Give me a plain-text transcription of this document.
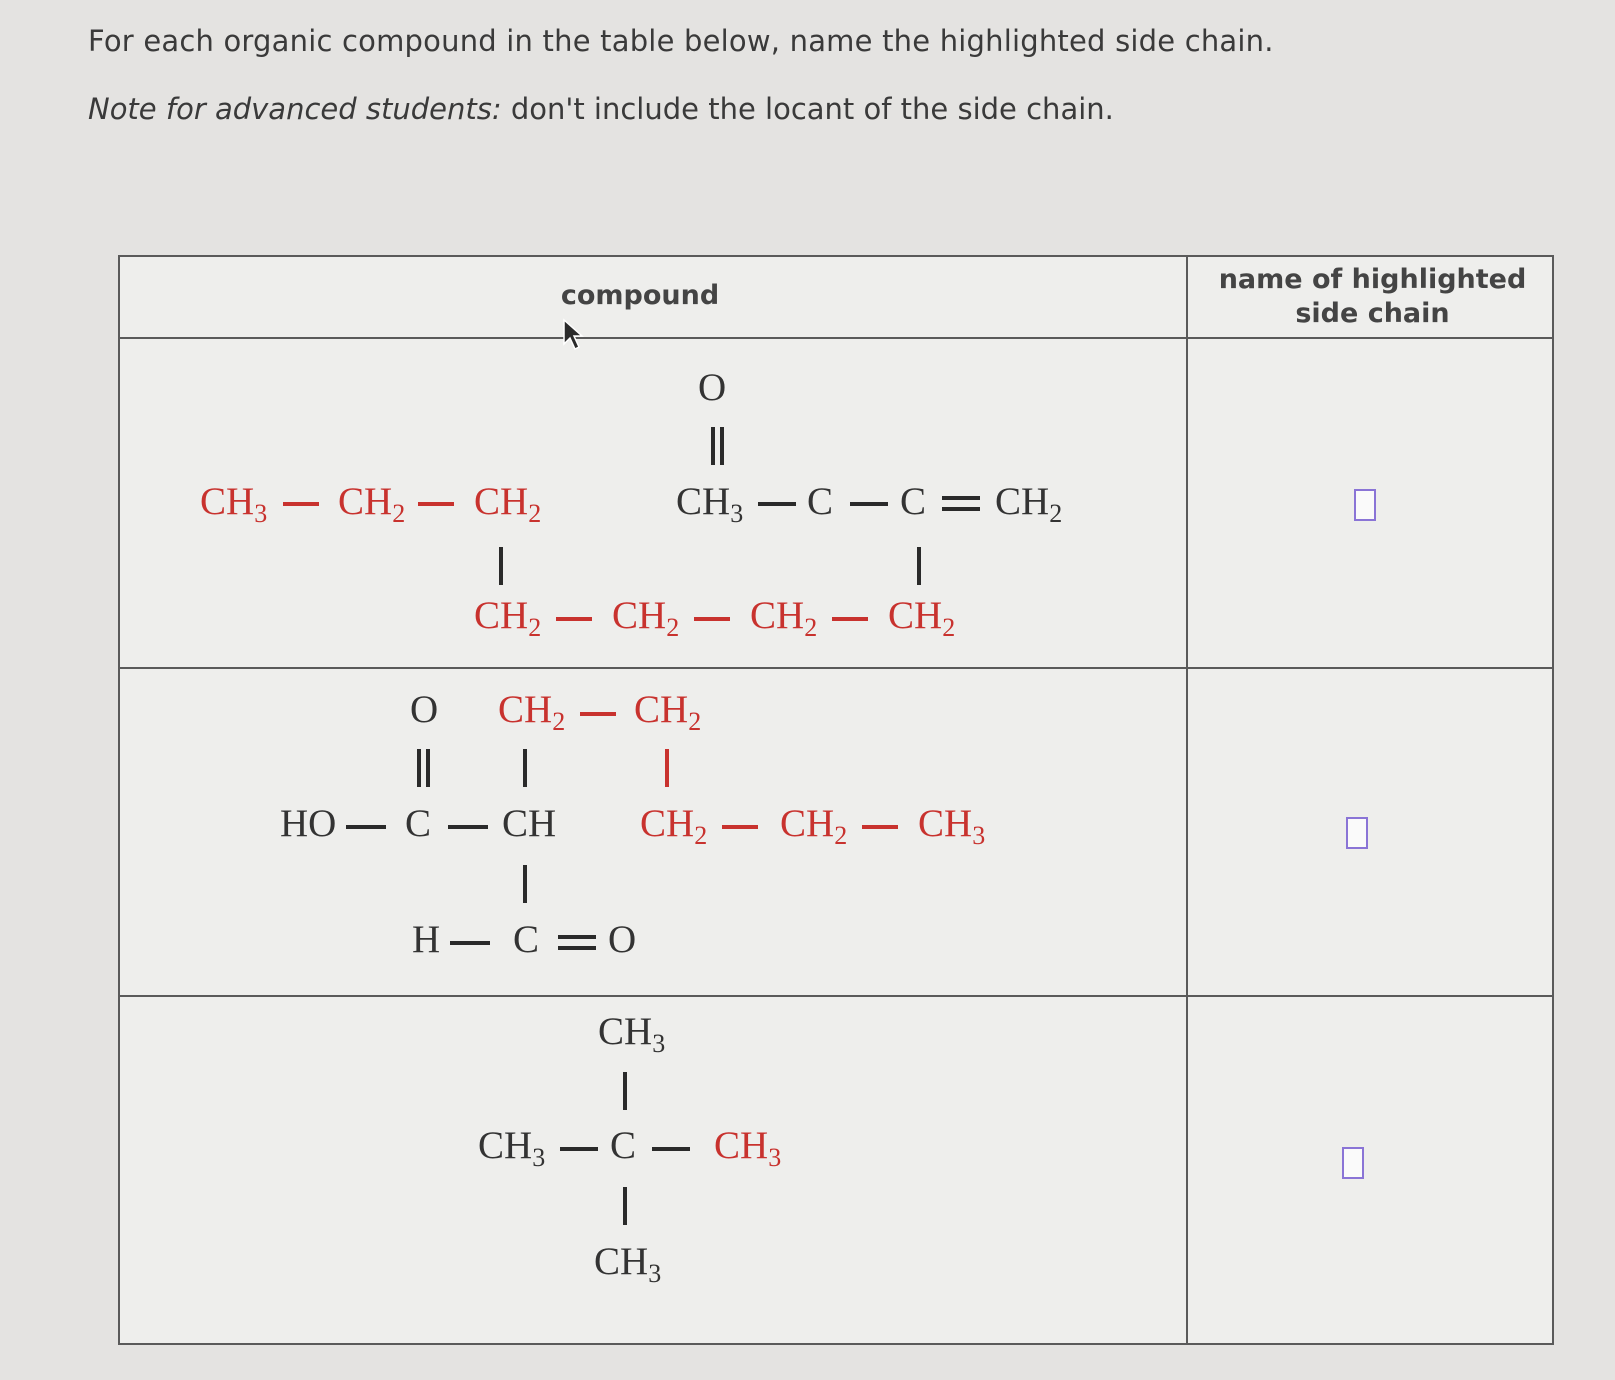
For each organic compound in the table below, name the highlighted side chain.
Note for advanced students: don't include the locant of the side chain.
compound
name of highlighted side chain
O
$CH_3$ $CH_2$ $CH_2$	$CH_3$ C C $CH_2$
$CH_2$ $CH_2$ $CH_2$ $CH_2$
O $CH_2$ $CH_2$
HO C CH $CH_2$ $CH_2$ $CH_3$
H C O
$CH_3$
$CH_3$ C $CH_3$
$CH_3$
